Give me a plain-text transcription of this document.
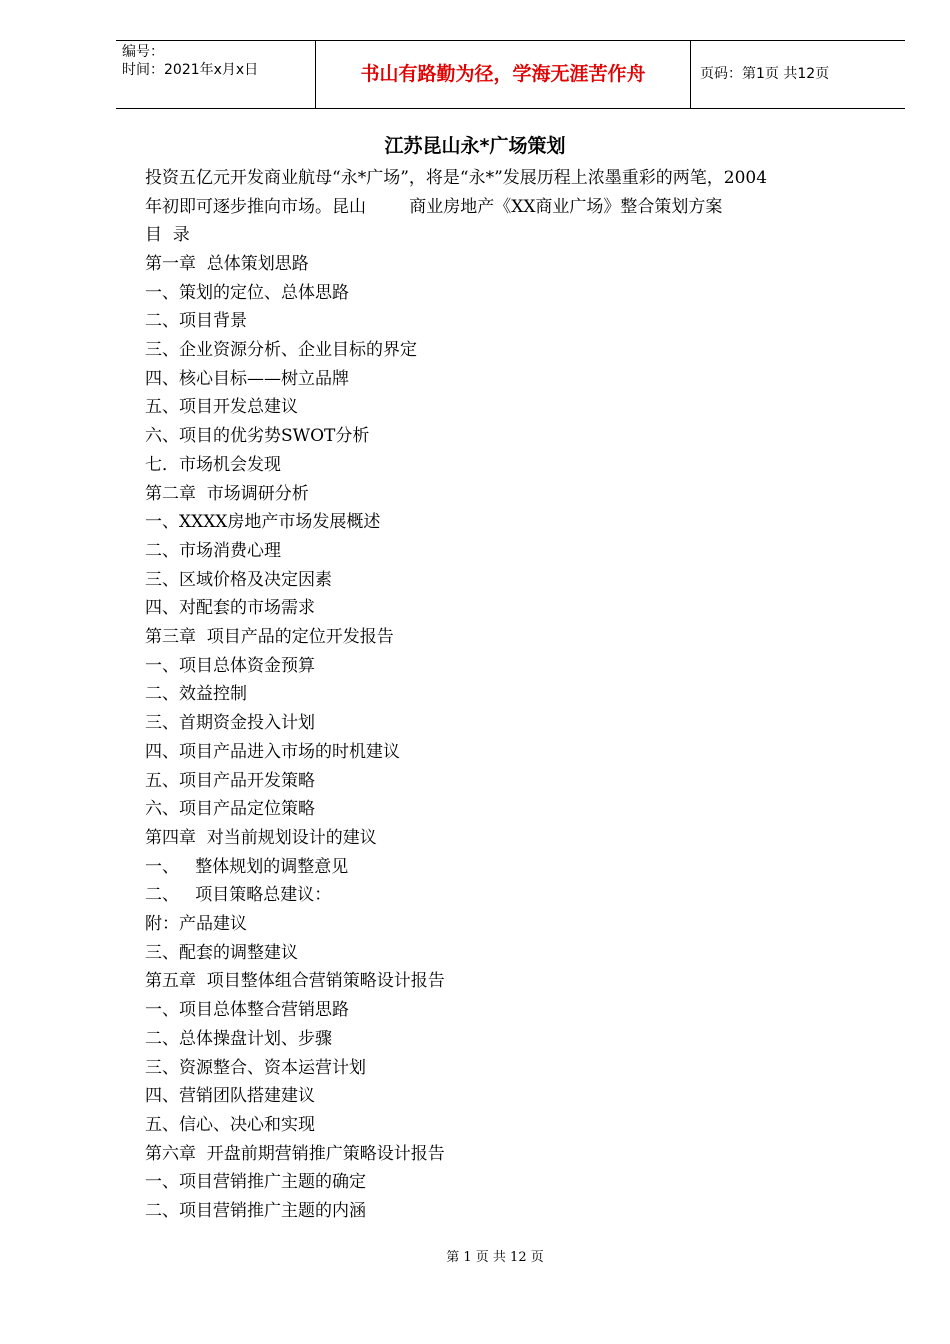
编号：
时间：2021年x月x日	书山有路勤为径，学海无涯苦作舟	页码：第1页 共12页
江苏昆山永*广场策划

投资五亿元开发商业航母“永*广场”，将是“永*”发展历程上浓墨重彩的两笔，2004

年初即可逐步推向市场。昆山        商业房地产《XX商业广场》整合策划方案

目  录
第一章  总体策划思路
一、策划的定位、总体思路
二、项目背景
三、企业资源分析、企业目标的界定
四、核心目标——树立品牌
五、项目开发总建议
六、项目的优劣势SWOT分析
七．市场机会发现
第二章  市场调研分析
一、XXXX房地产市场发展概述
二、市场消费心理
三、区域价格及决定因素
四、对配套的市场需求
第三章  项目产品的定位开发报告
一、项目总体资金预算
二、效益控制
三、首期资金投入计划
四、项目产品进入市场的时机建议
五、项目产品开发策略
六、项目产品定位策略
第四章  对当前规划设计的建议
一、   整体规划的调整意见
二、   项目策略总建议：
附：产品建议
三、配套的调整建议
第五章  项目整体组合营销策略设计报告
一、项目总体整合营销思路
二、总体操盘计划、步骤
三、资源整合、资本运营计划
四、营销团队搭建建议
五、信心、决心和实现
第六章  开盘前期营销推广策略设计报告
一、项目营销推广主题的确定
二、项目营销推广主题的内涵
第 1 页 共 12 页
